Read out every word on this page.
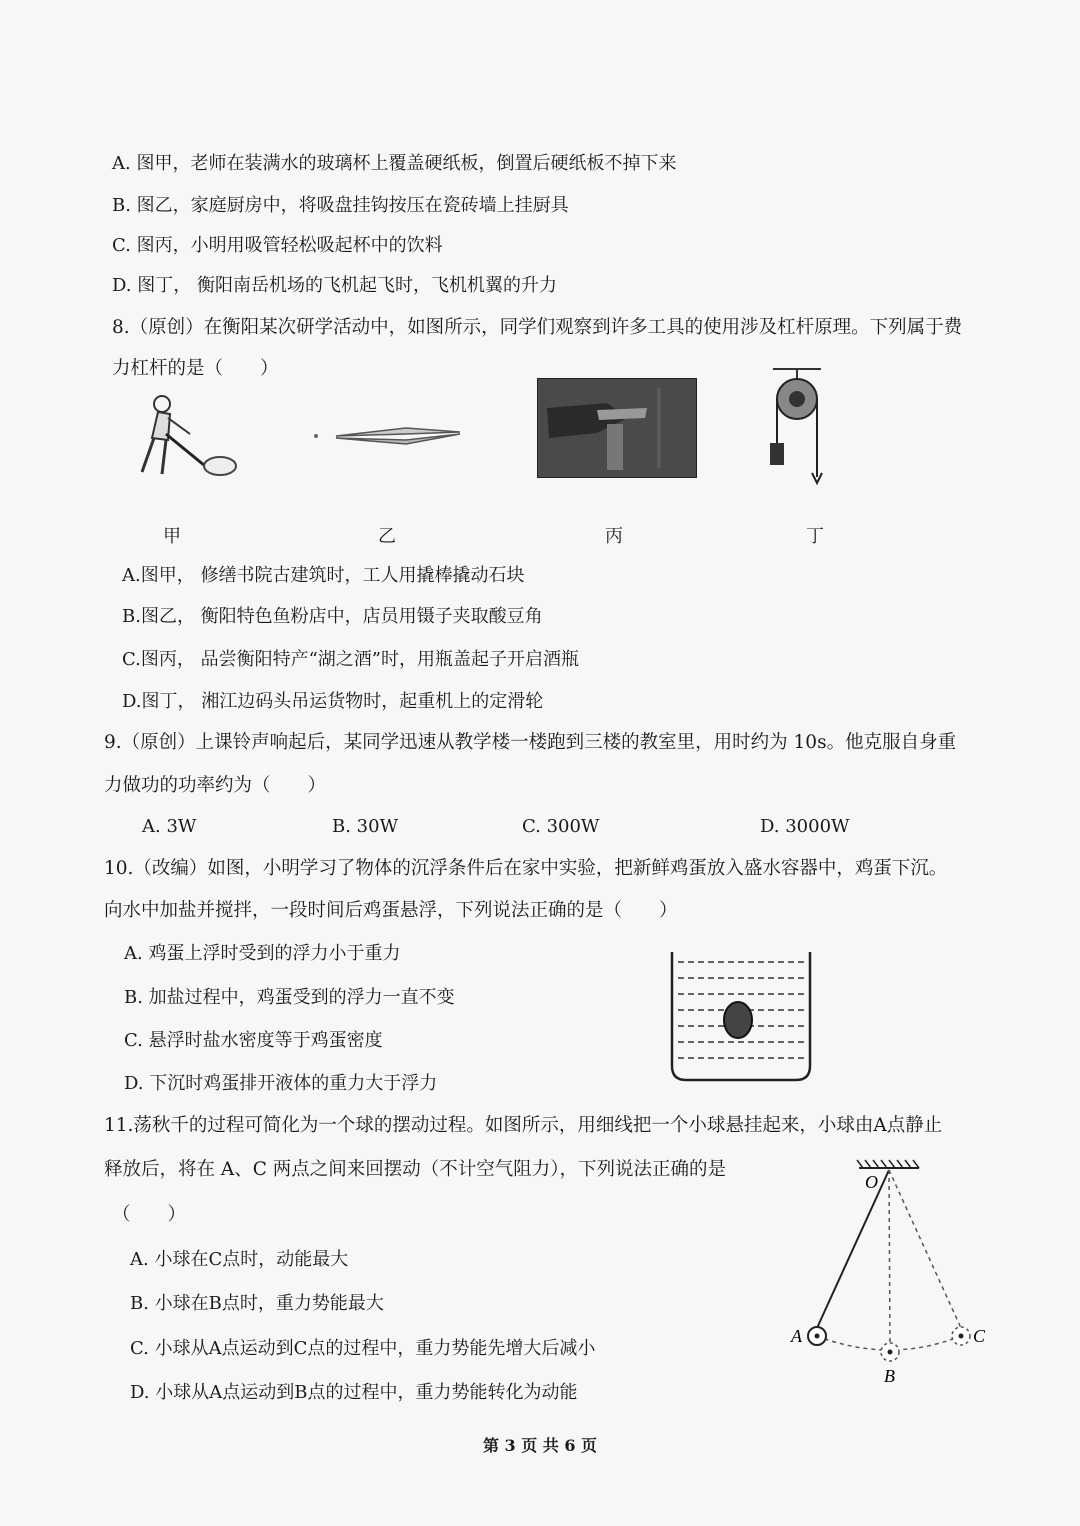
A. 图甲，老师在装满水的玻璃杯上覆盖硬纸板，倒置后硬纸板不掉下来
B. 图乙，家庭厨房中，将吸盘挂钩按压在瓷砖墙上挂厨具
C. 图丙，小明用吸管轻松吸起杯中的饮料
D. 图丁， 衡阳南岳机场的飞机起飞时，飞机机翼的升力
8.（原创）在衡阳某次研学活动中，如图所示，同学们观察到许多工具的使用涉及杠杆原理。下列属于费
力杠杆的是（　　）
甲	乙	丙	丁
A.图甲， 修缮书院古建筑时，工人用撬棒撬动石块
B.图乙， 衡阳特色鱼粉店中，店员用镊子夹取酸豆角
C.图丙， 品尝衡阳特产“湖之酒”时，用瓶盖起子开启酒瓶
D.图丁， 湘江边码头吊运货物时，起重机上的定滑轮
9.（原创）上课铃声响起后，某同学迅速从教学楼一楼跑到三楼的教室里，用时约为 10s。他克服自身重
力做功的功率约为（　　）
A. 3W	B. 30W	C. 300W	D. 3000W
10.（改编）如图，小明学习了物体的沉浮条件后在家中实验，把新鲜鸡蛋放入盛水容器中，鸡蛋下沉。
向水中加盐并搅拌，一段时间后鸡蛋悬浮，下列说法正确的是（　　）
A. 鸡蛋上浮时受到的浮力小于重力
B. 加盐过程中，鸡蛋受到的浮力一直不变
C. 悬浮时盐水密度等于鸡蛋密度
D. 下沉时鸡蛋排开液体的重力大于浮力
11.荡秋千的过程可简化为一个球的摆动过程。如图所示，用细线把一个小球悬挂起来，小球由A点静止
释放后，将在 A、C 两点之间来回摆动（不计空气阻力），下列说法正确的是
（　　）
A. 小球在C点时，动能最大
B. 小球在B点时，重力势能最大
C. 小球从A点运动到C点的过程中，重力势能先增大后减小
D. 小球从A点运动到B点的过程中，重力势能转化为动能
O
A
B
C
第 3 页 共 6 页
